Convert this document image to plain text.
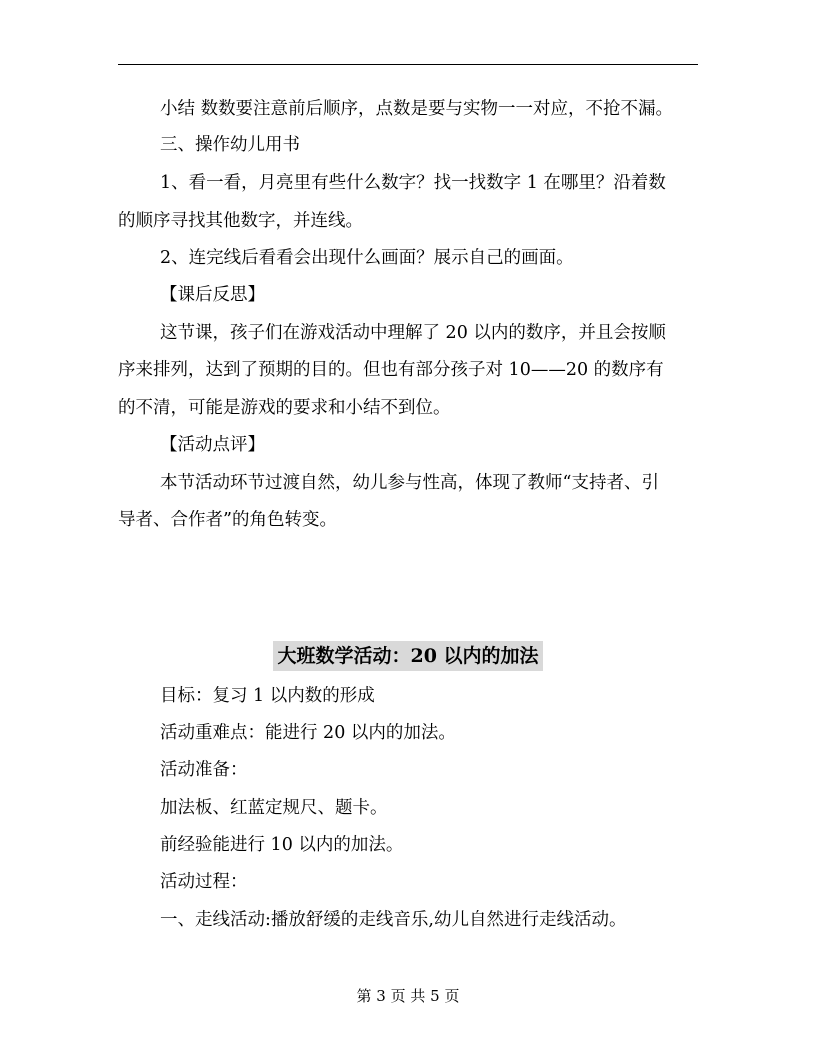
小结 数数要注意前后顺序，点数是要与实物一一对应，不抢不漏。
三、操作幼儿用书
1、看一看，月亮里有些什么数字？找一找数字 1 在哪里？沿着数
的顺序寻找其他数字，并连线。
2、连完线后看看会出现什么画面？展示自己的画面。
【课后反思】
这节课，孩子们在游戏活动中理解了 20 以内的数序，并且会按顺
序来排列，达到了预期的目的。但也有部分孩子对 10——20 的数序有
的不清，可能是游戏的要求和小结不到位。
【活动点评】
本节活动环节过渡自然，幼儿参与性高，体现了教师“支持者、引
导者、合作者”的角色转变。
大班数学活动：20 以内的加法
目标：复习 1 以内数的形成
活动重难点：能进行 20 以内的加法。
活动准备：
加法板、红蓝定规尺、题卡。
前经验能进行 10 以内的加法。
活动过程：
一、走线活动:播放舒缓的走线音乐,幼儿自然进行走线活动。
第 3 页 共 5 页
